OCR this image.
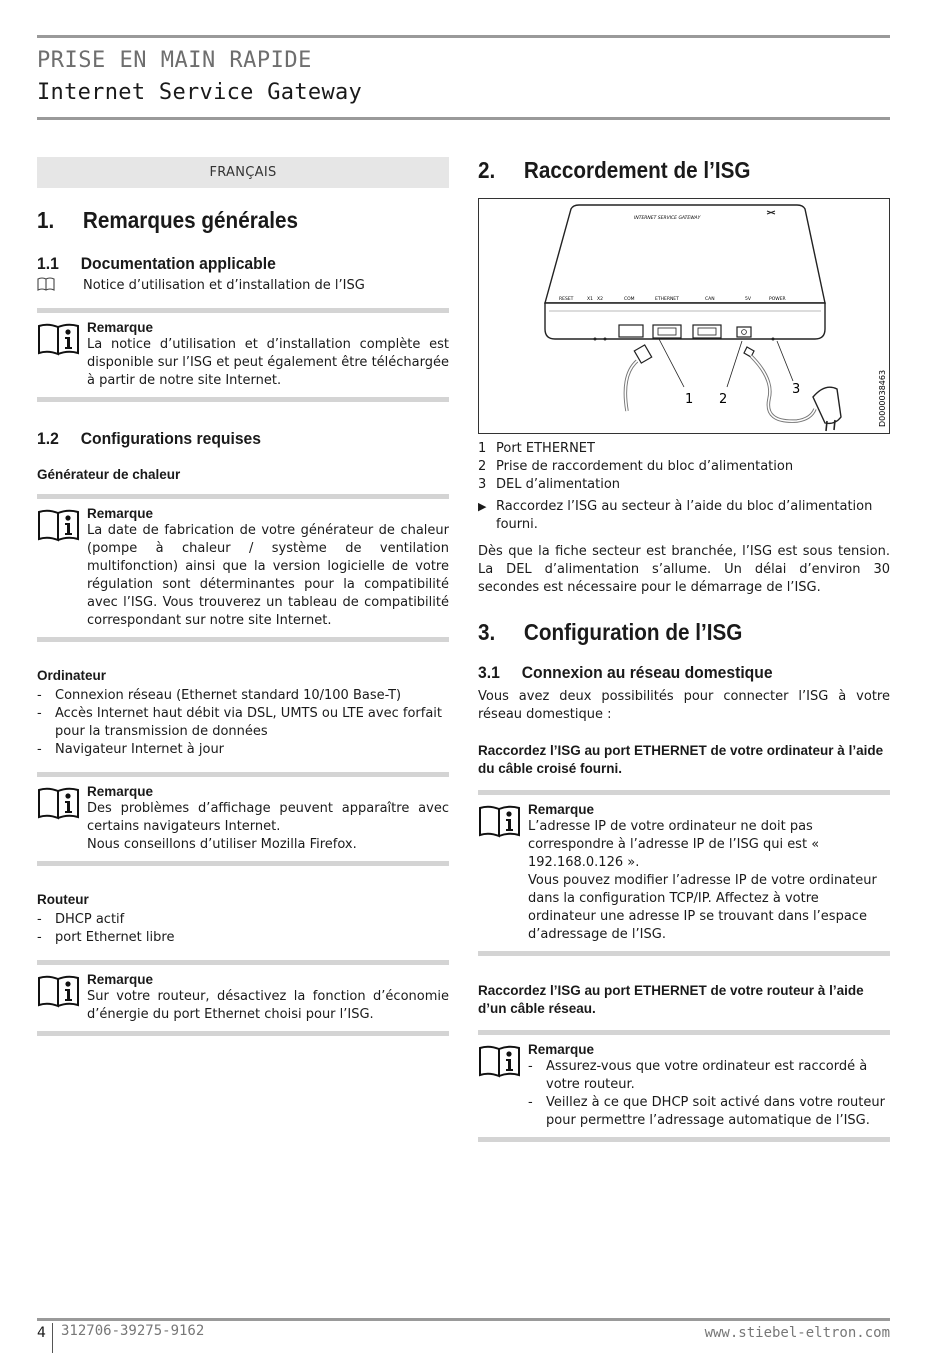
PRISE EN MAIN RAPIDE
Internet Service Gateway
FRANÇAIS
1.	Remarques générales
1.1	Documentation applicable
Notice d’utilisation et d’installation de l’ISG
Remarque
La notice d’utilisation et d’installation complète est disponible sur l’ISG et peut également être téléchargée à partir de notre site Internet.
1.2	Configurations requises
Générateur de chaleur
Remarque
La date de fabrication de votre générateur de chaleur (pompe à chaleur / système de ventilation multifonction) ainsi que la version logicielle de votre régulation sont déterminantes pour la compatibilité avec l’ISG. Vous trouverez un tableau de compatibilité correspondant sur notre site Internet.
Ordinateur
-	Connexion réseau (Ethernet standard 10/100 Base-T)
-	Accès Internet haut débit via DSL, UMTS ou LTE avec forfait pour la transmission de données
-	Navigateur Internet à jour
Remarque
Des problèmes d’affichage peuvent apparaître avec certains navigateurs Internet.
Nous conseillons d’utiliser Mozilla Firefox.
Routeur
-	DHCP actif
-	port Ethernet libre
Remarque
Sur votre routeur, désactivez la fonction d’économie d’énergie du port Ethernet choisi pour l’ISG.
2.	Raccordement de l’ISG
INTERNET SERVICE GATEWAY
RESET	X1 X2	COM	ETHERNET	CAN	5V	POWER
1 2
3	D0000038463
1 Port ETHERNET
2 Prise de raccordement du bloc d’alimentation
3 DEL d’alimentation
▶ Raccordez l’ISG au secteur à l’aide du bloc d’alimentation fourni.
Dès que la fiche secteur est branchée, l’ISG est sous tension. La DEL d’alimentation s’allume. Un délai d’environ 30 secondes est nécessaire pour le démarrage de l’ISG.
3.	Configuration de l’ISG
3.1	Connexion au réseau domestique
Vous avez deux possibilités pour connecter l’ISG à votre réseau domestique :
Raccordez l’ISG au port ETHERNET de votre ordinateur à l’aide du câble croisé fourni.
Remarque
L’adresse IP de votre ordinateur ne doit pas correspondre à l’adresse IP de l’ISG qui est « 192.168.0.126 ».
Vous pouvez modifier l’adresse IP de votre ordinateur dans la configuration TCP/IP. Affectez à votre ordinateur une adresse IP se trouvant dans l’espace d’adressage de l’ISG.
Raccordez l’ISG au port ETHERNET de votre routeur à l’aide d’un câble réseau.
Remarque
-	Assurez-vous que votre ordinateur est raccordé à votre routeur.
-	Veillez à ce que DHCP soit activé dans votre routeur pour permettre l’adressage automatique de l’ISG.
4 312706-39275-9162	www.stiebel-eltron.com
